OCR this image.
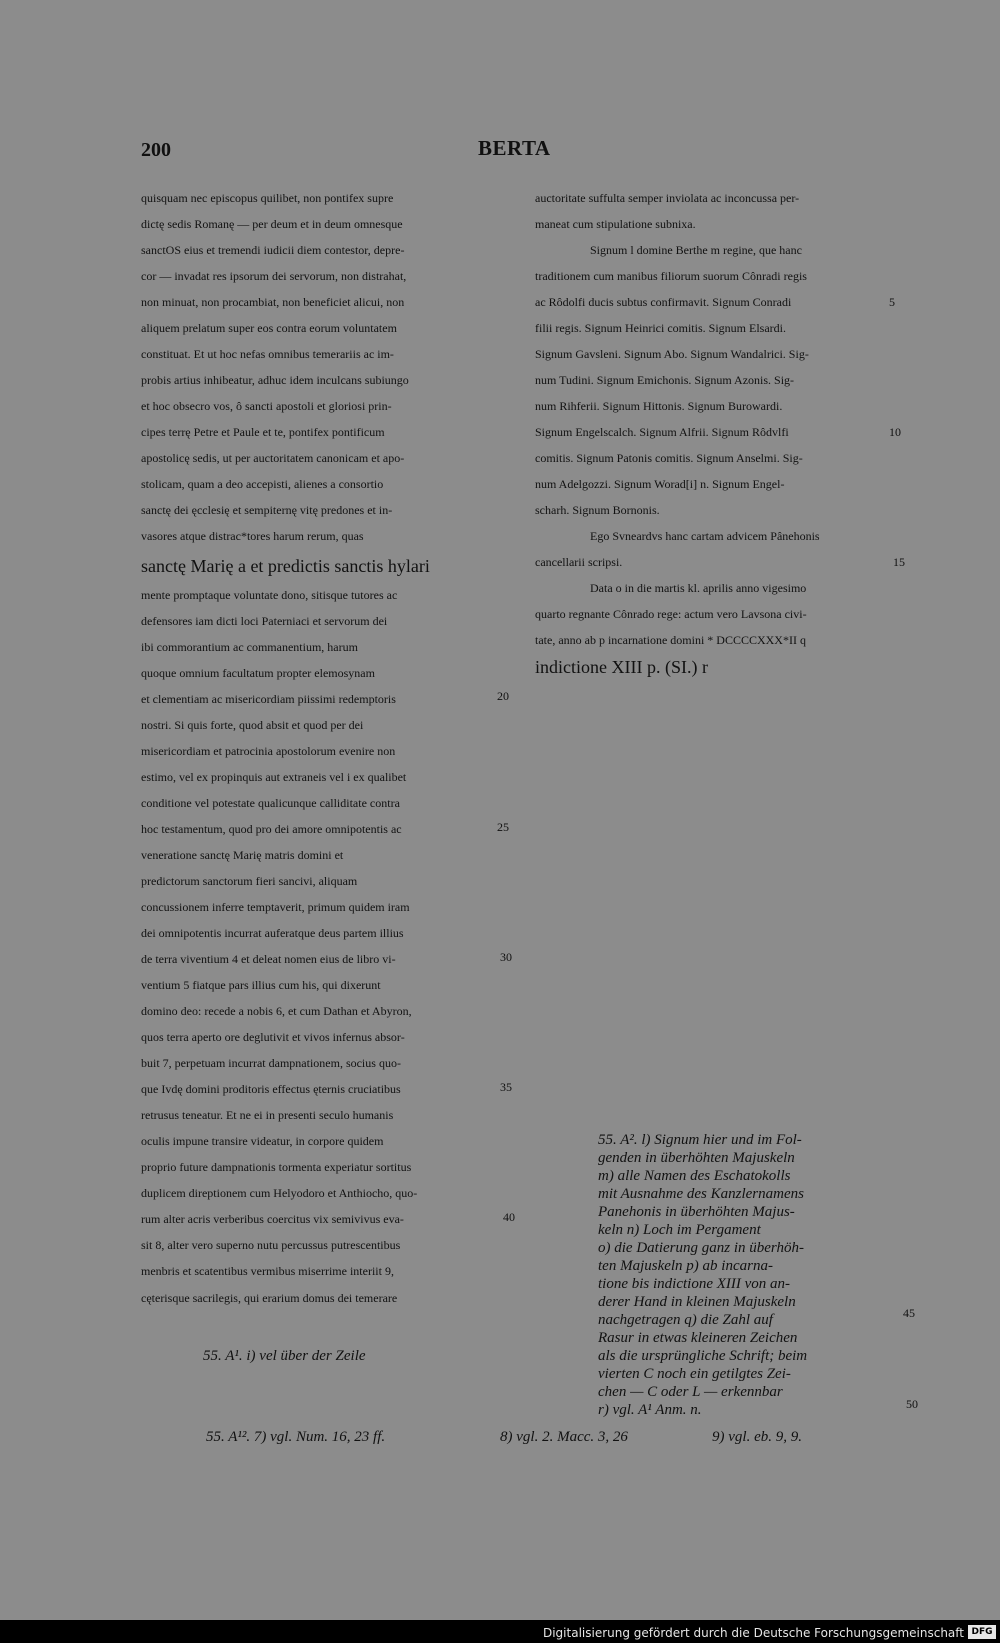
200	BERTA
quisquam nec episcopus quilibet, non pontifex supre
dictę sedis Romanę — per deum et in deum omnesque
sanctOS eius et tremendi iudicii diem contestor, depre-
cor — invadat res ipsorum dei servorum, non distrahat,
non minuat, non procambiat, non beneficiet alicui, non
aliquem prelatum super eos contra eorum voluntatem
constituat. Et ut hoc nefas omnibus temerariis ac im-
probis artius inhibeatur, adhuc idem inculcans subiungo
et hoc obsecro vos, ô sancti apostoli et gloriosi prin-
cipes terrę Petre et Paule et te, pontifex pontificum
apostolicę sedis, ut per auctoritatem canonicam et apo-
stolicam, quam a deo accepisti, alienes a consortio
sanctę dei ęcclesię et sempiternę vitę predones et in-
vasores atque distrac*tores harum rerum, quas
sanctę Marię a et predictis sanctis hylari
mente promptaque voluntate dono, sitisque tutores ac
defensores iam dicti loci Paterniaci et servorum dei
ibi commorantium ac commanentium, harum
quoque omnium facultatum propter elemosynam
et clementiam ac misericordiam piissimi redemptoris
nostri. Si quis forte, quod absit et quod per dei
misericordiam et patrocinia apostolorum evenire non
estimo, vel ex propinquis aut extraneis vel i ex qualibet
conditione vel potestate qualicunque calliditate contra
hoc testamentum, quod pro dei amore omnipotentis ac
veneratione sanctę Marię matris domini et
predictorum sanctorum fieri sancivi, aliquam
concussionem inferre temptaverit, primum quidem iram
dei omnipotentis incurrat auferatque deus partem illius
de terra viventium 4 et deleat nomen eius de libro vi-
ventium 5 fiatque pars illius cum his, qui dixerunt
domino deo: recede a nobis 6, et cum Dathan et Abyron,
quos terra aperto ore deglutivit et vivos infernus absor-
buit 7, perpetuam incurrat dampnationem, socius quo-
que Ivdę domini proditoris effectus ęternis cruciatibus
retrusus teneatur. Et ne ei in presenti seculo humanis
oculis impune transire videatur, in corpore quidem
proprio future dampnationis tormenta experiatur sortitus
duplicem direptionem cum Helyodoro et Anthiocho, quo-
rum alter acris verberibus coercitus vix semivivus eva-
sit 8, alter vero superno nutu percussus putrescentibus
menbris et scatentibus vermibus miserrime interiit 9,
cęterisque sacrilegis, qui erarium domus dei temerare
auctoritate suffulta semper inviolata ac inconcussa per-
maneat cum stipulatione subnixa.
Signum l domine Berthe m regine, que hanc
traditionem cum manibus filiorum suorum Cônradi regis
ac Rôdolfi ducis subtus confirmavit. Signum Conradi
filii regis. Signum Heinrici comitis. Signum Elsardi.
Signum Gavsleni. Signum Abo. Signum Wandalrici. Sig-
num Tudini. Signum Emichonis. Signum Azonis. Sig-
num Rihferii. Signum Hittonis. Signum Burowardi.
Signum Engelscalch. Signum Alfrii. Signum Rôdvlfi
comitis. Signum Patonis comitis. Signum Anselmi. Sig-
num Adelgozzi. Signum Worad[i] n. Signum Engel-
scharh. Signum Bornonis.
Ego Svneardvs hanc cartam advicem Pânehonis
cancellarii scripsi.
Data o in die martis kl. aprilis anno vigesimo
quarto regnante Cônrado rege: actum vero Lavsona civi-
tate, anno ab p incarnatione domini * DCCCCXXX*II q
indictione XIII p. (SI.) r
5
10
15
20
25
30
35
40
45
50
55. A². l) Signum hier und im Fol-
genden in überhöhten Majuskeln
m) alle Namen des Eschatokolls
mit Ausnahme des Kanzlernamens
Panehonis in überhöhten Majus-
keln n) Loch im Pergament
o) die Datierung ganz in überhöh-
ten Majuskeln p) ab incarna-
tione bis indictione XIII von an-
derer Hand in kleinen Majuskeln
nachgetragen q) die Zahl auf
Rasur in etwas kleineren Zeichen
als die ursprüngliche Schrift; beim
vierten C noch ein getilgtes Zei-
chen — C oder L — erkennbar
r) vgl. A¹ Anm. n.
55. A¹. i) vel über der Zeile
55. A¹². 7) vgl. Num. 16, 23 ff.	8) vgl. 2. Macc. 3, 26	9) vgl. eb. 9, 9.
Digitalisierung gefördert durch die Deutsche Forschungsgemeinschaft DFG
